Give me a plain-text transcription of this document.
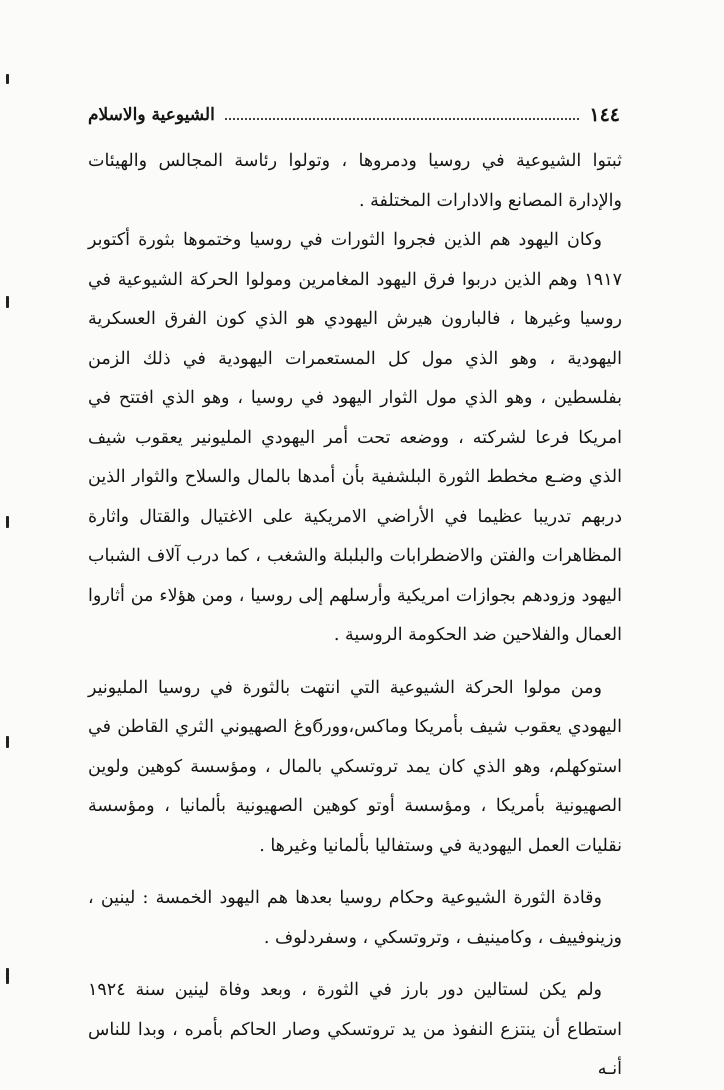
١٤٤
الشيوعية والاسلام

ثبتوا الشيوعية في روسيا ودمروها ، وتولوا رئاسة المجالس والهيئات والإدارة المصانع والادارات المختلفة .

وكان اليهود هم الذين فجروا الثورات في روسيا وختموها بثورة أكتوبر ١٩١٧ وهم الذين دربوا فرق اليهود المغامرين ومولوا الحركة الشيوعية في روسيا وغيرها ، فالبارون هيرش اليهودي هو الذي كون الفرق العسكرية اليهودية ، وهو الذي مول كل المستعمرات اليهودية في ذلك الزمن بفلسطين ، وهو الذي مول الثوار اليهود في روسيا ، وهو الذي افتتح في امريكا فرعا لشركته ، ووضعه تحت أمر اليهودي المليونير يعقوب شيف الذي وضـع مخطط الثورة البلشفية بأن أمدها بالمال والسلاح والثوار الذين دربهم تدريبا عظيما في الأراضي الامريكية على الاغتيال والقتال واثارة المظاهرات والفتن والاضطرابات والبلبلة والشغب ، كما درب آلاف الشباب اليهود وزودهم بجوازات امريكية وأرسلهم إلى روسيا ، ومن هؤلاء من أثاروا العمال والفلاحين ضد الحكومة الروسية .

ومن مولوا الحركة الشيوعية التي انتهت بالثورة في روسيا المليونير اليهودي يعقوب شيف بأمريكا وماكس،وورбوغ الصهيوني الثري القاطن في استوكهلم، وهو الذي كان يمد تروتسكي بالمال ، ومؤسسة كوهين ولوين الصهيونية بأمريكا ، ومؤسسة أوتو كوهين الصهيونية بألمانيا ، ومؤسسة نقليات العمل اليهودية في وستفاليا بألمانيا وغيرها .

وقادة الثورة الشيوعية وحكام روسيا بعدها هم اليهود الخمسة : لينين ، وزينوفييف ، وكامينيف ، وتروتسكي ، وسفردلوف .

ولم يكن لستالين دور بارز في الثورة ، وبعد وفاة لينين سنة ١٩٢٤ استطاع أن ينتزع النفوذ من يد تروتسكي وصار الحاكم بأمره ، وبدا للناس أنـه
